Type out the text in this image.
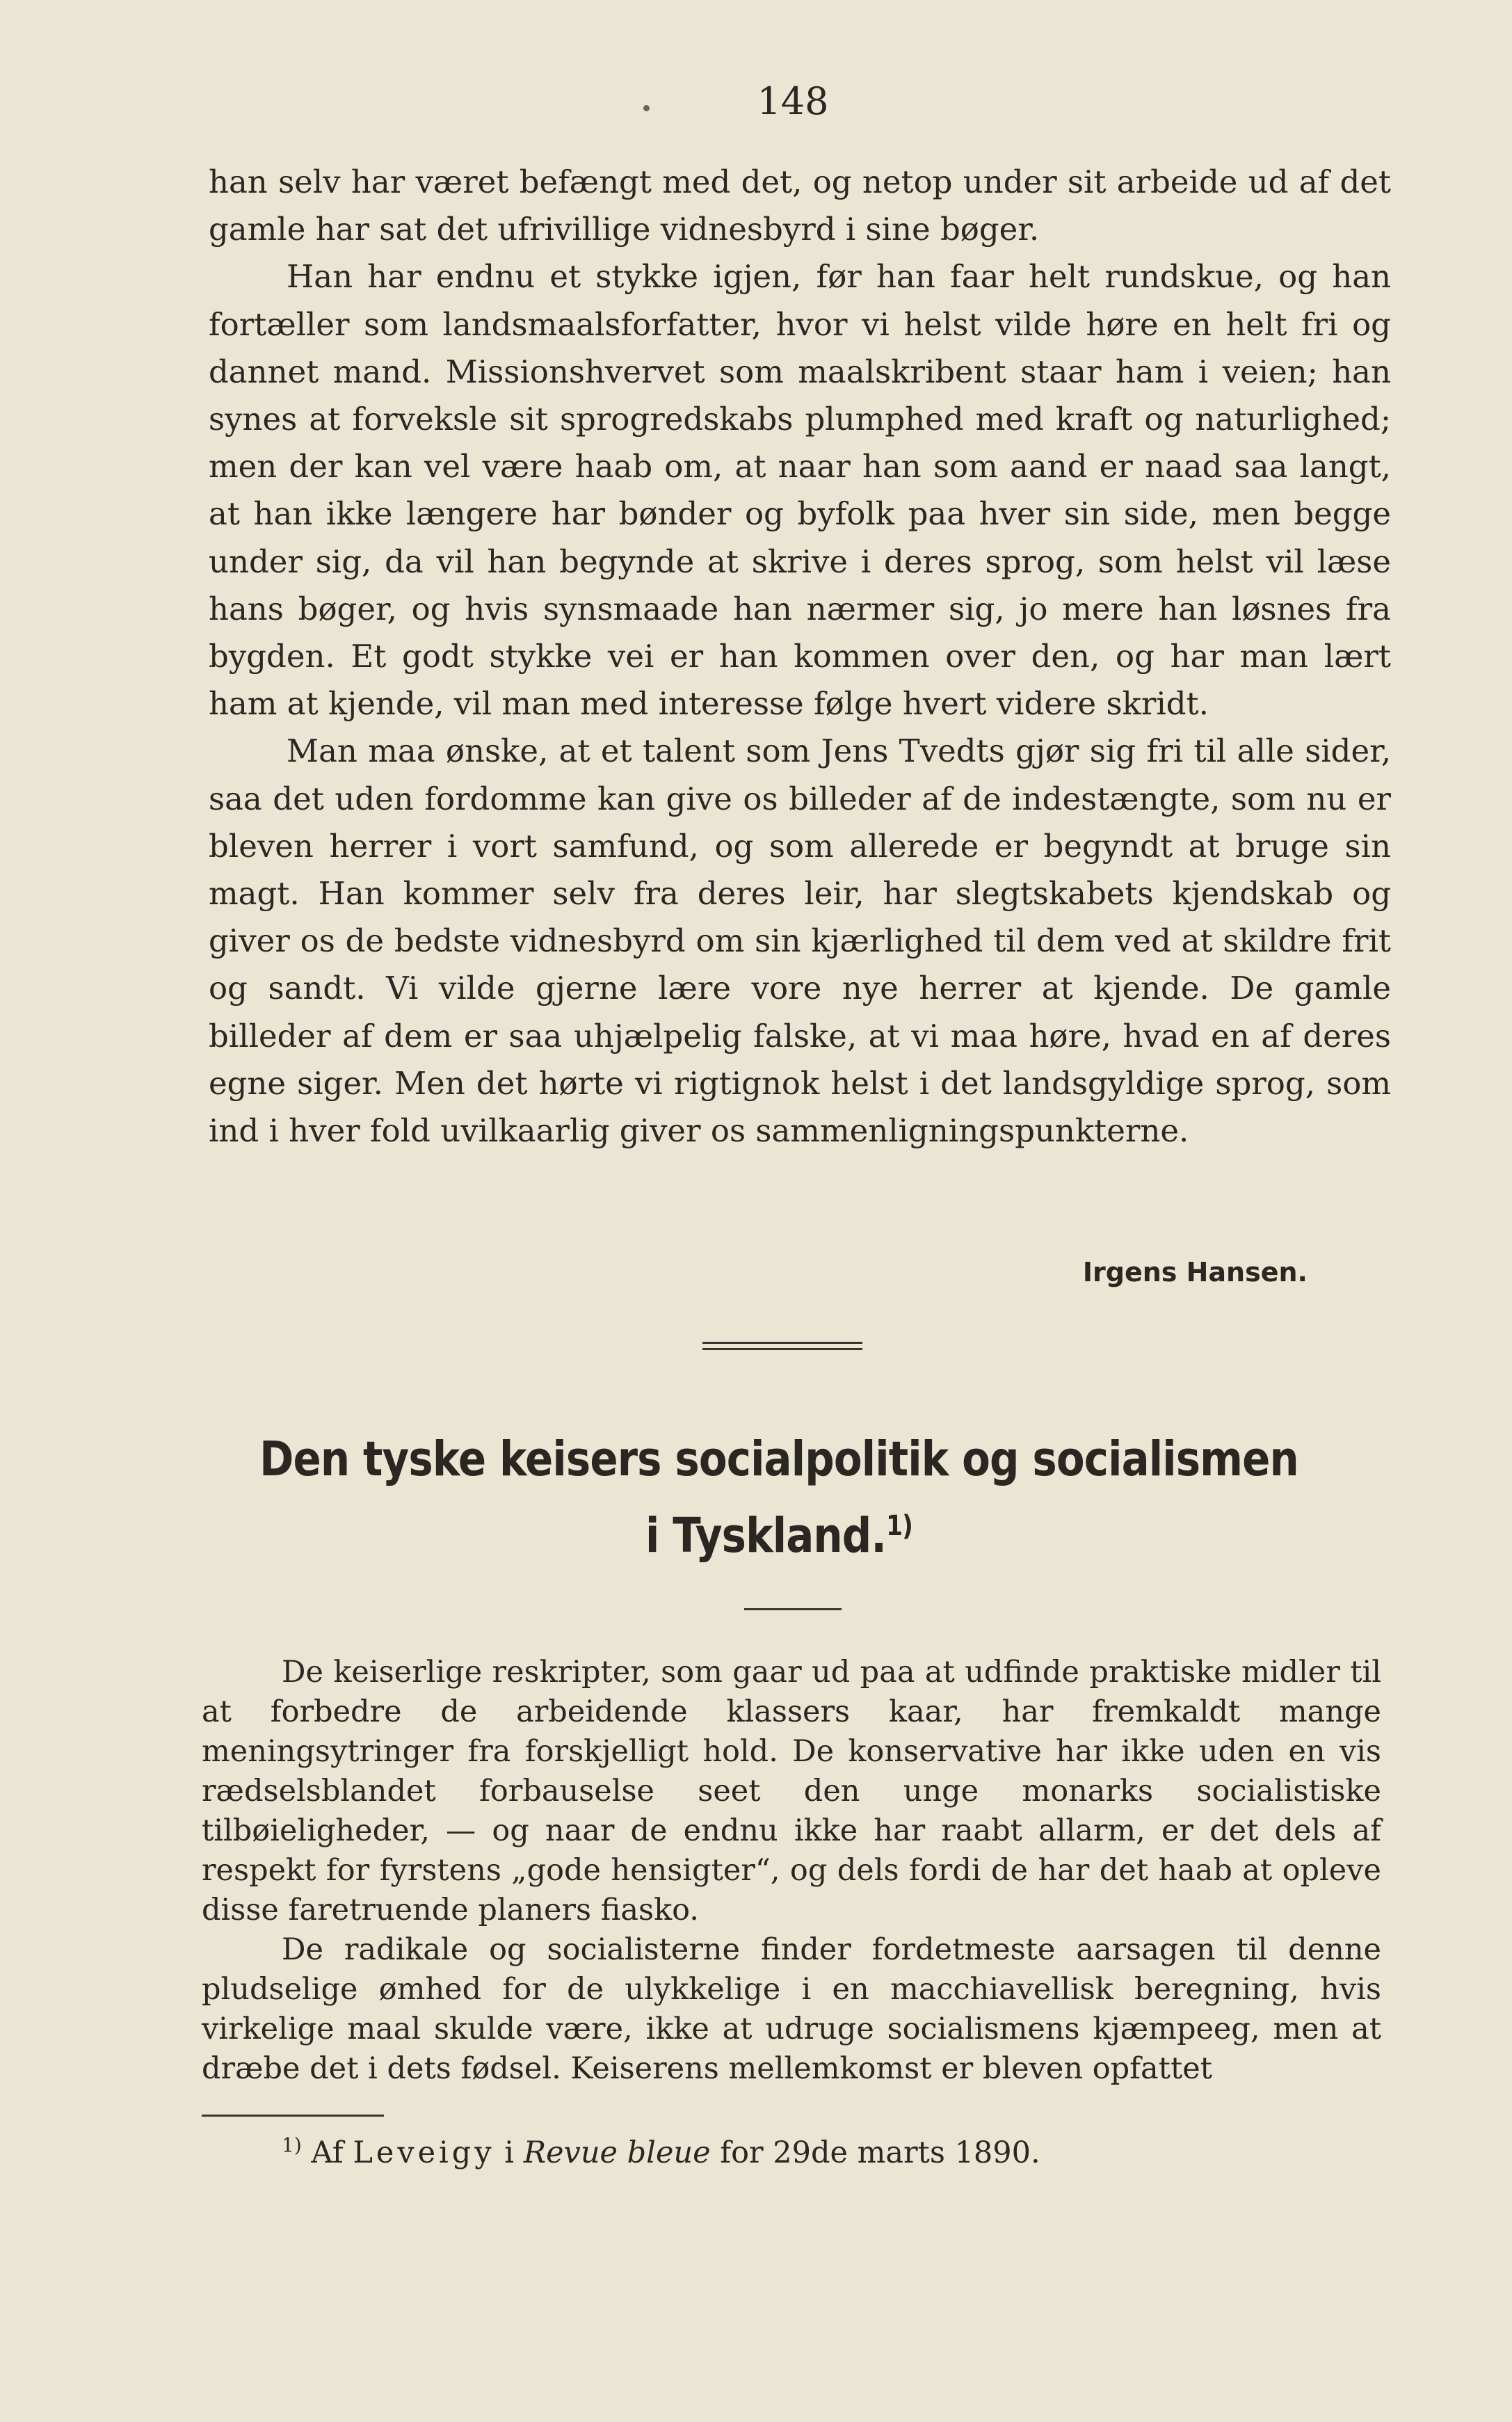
148

han selv har været befængt med det, og netop under sit arbeide ud af det gamle har sat det ufrivillige vidnesbyrd i sine bøger.

Han har endnu et stykke igjen, før han faar helt rundskue, og han fortæller som landsmaalsforfatter, hvor vi helst vilde høre en helt fri og dannet mand. Missionshvervet som maalskribent staar ham i veien; han synes at forveksle sit sprogredskabs plumphed med kraft og naturlighed; men der kan vel være haab om, at naar han som aand er naad saa langt, at han ikke længere har bønder og byfolk paa hver sin side, men begge under sig, da vil han begynde at skrive i deres sprog, som helst vil læse hans bøger, og hvis synsmaade han nærmer sig, jo mere han løsnes fra bygden. Et godt stykke vei er han kommen over den, og har man lært ham at kjende, vil man med interesse følge hvert videre skridt.

Man maa ønske, at et talent som Jens Tvedts gjør sig fri til alle sider, saa det uden fordomme kan give os billeder af de indestængte, som nu er bleven herrer i vort samfund, og som allerede er begyndt at bruge sin magt. Han kommer selv fra deres leir, har slegtskabets kjendskab og giver os de bedste vidnesbyrd om sin kjærlighed til dem ved at skildre frit og sandt. Vi vilde gjerne lære vore nye herrer at kjende. De gamle billeder af dem er saa uhjælpelig falske, at vi maa høre, hvad en af deres egne siger. Men det hørte vi rigtignok helst i det landsgyldige sprog, som ind i hver fold uvilkaarlig giver os sammenligningspunkterne.

Irgens Hansen.
Den tyske keisers socialpolitik og socialismen
i Tyskland.$^{1)}$

De keiserlige reskripter, som gaar ud paa at udfinde praktiske midler til at forbedre de arbeidende klassers kaar, har fremkaldt mange meningsytringer fra forskjelligt hold. De konservative har ikke uden en vis rædselsblandet forbauselse seet den unge monarks socialistiske tilbøieligheder, — og naar de endnu ikke har raabt allarm, er det dels af respekt for fyrstens „gode hensigter“, og dels fordi de har det haab at opleve disse faretruende planers fiasko.

De radikale og socialisterne finder fordetmeste aarsagen til denne pludselige ømhed for de ulykkelige i en macchiavellisk beregning, hvis virkelige maal skulde være, ikke at udruge socialismens kjæmpeeg, men at dræbe det i dets fødsel. Keiserens mellemkomst er bleven opfattet

$^{1)}$ Af Leveigy i Revue bleue for 29de marts 1890.
